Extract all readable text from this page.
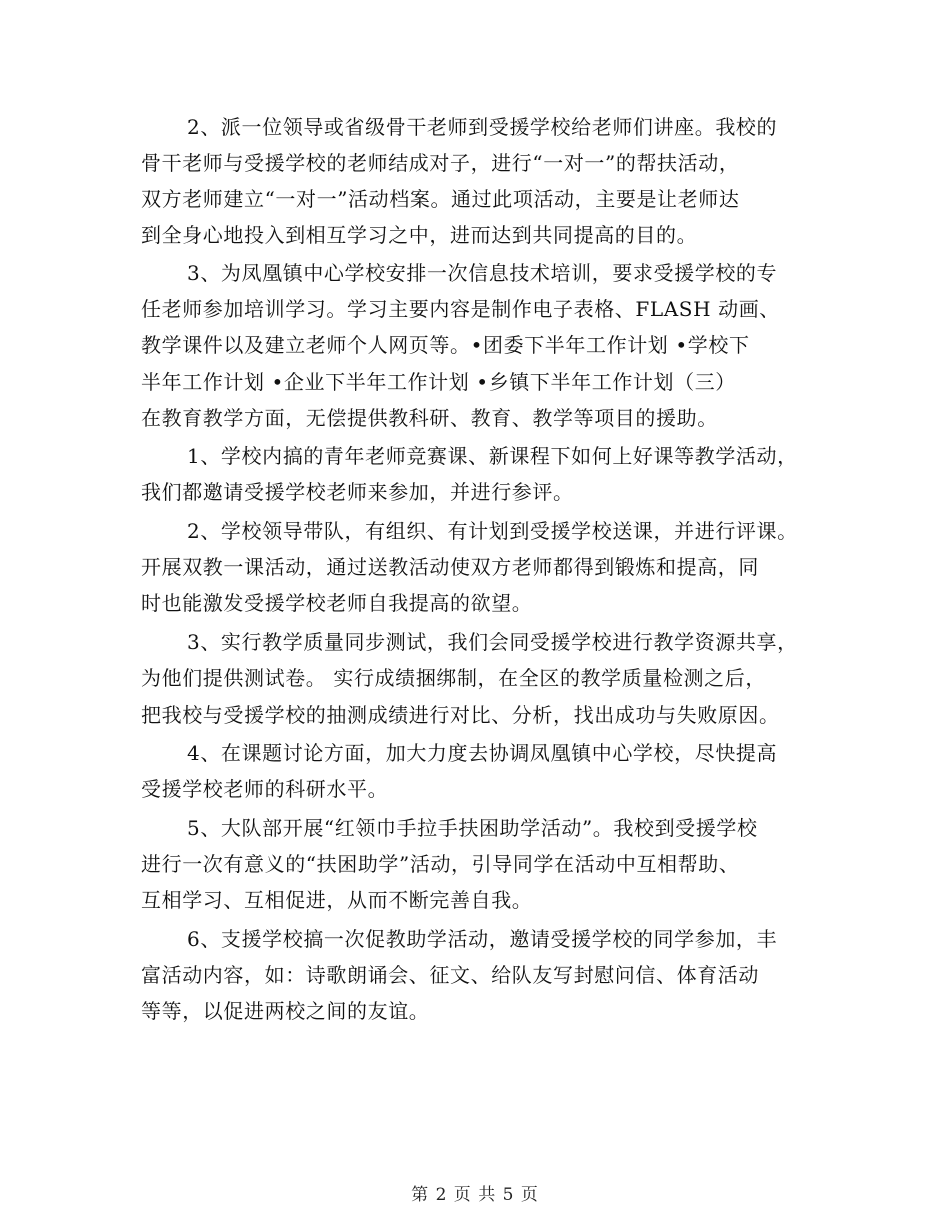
2、派一位领导或省级骨干老师到受援学校给老师们讲座。我校的
骨干老师与受援学校的老师结成对子，进行“一对一”的帮扶活动，
双方老师建立“一对一”活动档案。通过此项活动，主要是让老师达
到全身心地投入到相互学习之中，进而达到共同提高的目的。
3、为凤凰镇中心学校安排一次信息技术培训，要求受援学校的专
任老师参加培训学习。学习主要内容是制作电子表格、FLASH 动画、
教学课件以及建立老师个人网页等。•团委下半年工作计划 •学校下
半年工作计划 •企业下半年工作计划 •乡镇下半年工作计划（三）
在教育教学方面，无偿提供教科研、教育、教学等项目的援助。
1、学校内搞的青年老师竞赛课、新课程下如何上好课等教学活动，
我们都邀请受援学校老师来参加，并进行参评。
2、学校领导带队，有组织、有计划到受援学校送课，并进行评课。
开展双教一课活动，通过送教活动使双方老师都得到锻炼和提高，同
时也能激发受援学校老师自我提高的欲望。
3、实行教学质量同步测试，我们会同受援学校进行教学资源共享，
为他们提供测试卷。 实行成绩捆绑制，在全区的教学质量检测之后，
把我校与受援学校的抽测成绩进行对比、分析，找出成功与失败原因。
4、在课题讨论方面，加大力度去协调凤凰镇中心学校，尽快提高
受援学校老师的科研水平。
5、大队部开展“红领巾手拉手扶困助学活动”。我校到受援学校
进行一次有意义的“扶困助学”活动，引导同学在活动中互相帮助、
互相学习、互相促进，从而不断完善自我。
6、支援学校搞一次促教助学活动，邀请受援学校的同学参加，丰
富活动内容，如：诗歌朗诵会、征文、给队友写封慰问信、体育活动
等等，以促进两校之间的友谊。
第 2 页 共 5 页
